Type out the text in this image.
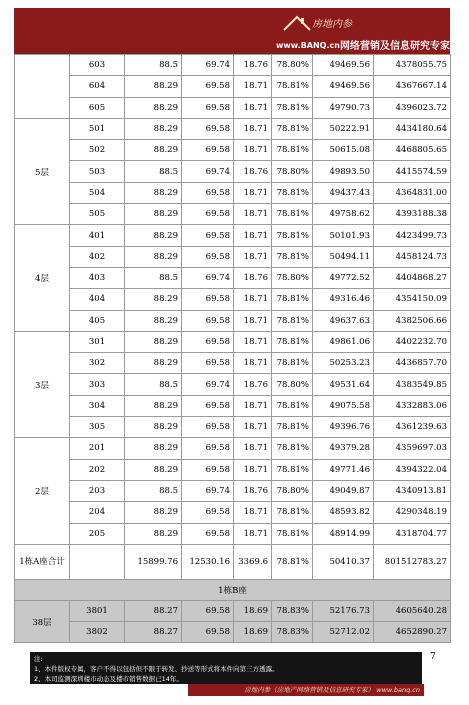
房地内参
www.BANQ.cn 网络营销及信息研究专家
	603	88.5	69.74	18.76	78.80%	49469.56	4378055.75
	604	88.29	69.58	18.71	78.81%	49469.56	4367667.14
	605	88.29	69.58	18.71	78.81%	49790.73	4396023.72
5层	501	88.29	69.58	18.71	78.81%	50222.91	4434180.64
	502	88.29	69.58	18.71	78.81%	50615.08	4468805.65
	503	88.5	69.74	18.76	78.80%	49893.50	4415574.59
	504	88.29	69.58	18.71	78.81%	49437.43	4364831.00
	505	88.29	69.58	18.71	78.81%	49758.62	4393188.38
4层	401	88.29	69.58	18.71	78.81%	50101.93	4423499.73
	402	88.29	69.58	18.71	78.81%	50494.11	4458124.73
	403	88.5	69.74	18.76	78.80%	49772.52	4404868.27
	404	88.29	69.58	18.71	78.81%	49316.46	4354150.09
	405	88.29	69.58	18.71	78.81%	49637.63	4382506.66
3层	301	88.29	69.58	18.71	78.81%	49861.06	4402232.70
	302	88.29	69.58	18.71	78.81%	50253.23	4436857.70
	303	88.5	69.74	18.76	78.80%	49531.64	4383549.85
	304	88.29	69.58	18.71	78.81%	49075.58	4332883.06
	305	88.29	69.58	18.71	78.81%	49396.76	4361239.63
2层	201	88.29	69.58	18.71	78.81%	49379.28	4359697.03
	202	88.29	69.58	18.71	78.81%	49771.46	4394322.04
	203	88.5	69.74	18.76	78.80%	49049.87	4340913.81
	204	88.29	69.58	18.71	78.81%	48593.82	4290348.19
	205	88.29	69.58	18.71	78.81%	48914.99	4318704.77
1栋A座合计		15899.76	12530.16	3369.6	78.81%	50410.37	801512783.27
1栋B座							
38层	3801	88.27	69.58	18.69	78.83%	52176.73	4605640.28
	3802	88.27	69.58	18.69	78.83%	52712.02	4652890.27
注:
1、本件版权专属，客户不得以包括但不限于转发、抄送等形式将本件向第三方透露。
2、本司监测深圳楼市动态及楼市销售数据已14年。
7
房地内参（房地产网络营销及信息研究专家） www.banq.cn
